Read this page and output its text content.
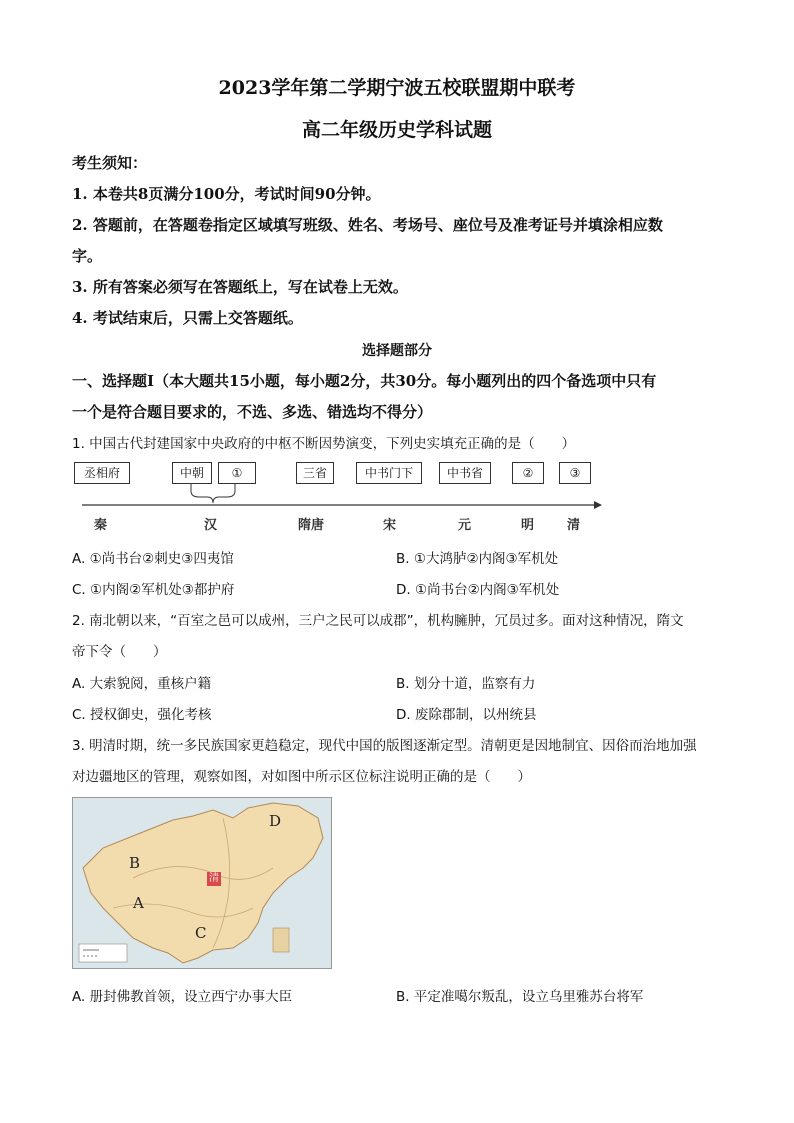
2023学年第二学期宁波五校联盟期中联考
高二年级历史学科试题
考生须知：
1. 本卷共8页满分100分，考试时间90分钟。
2. 答题前，在答题卷指定区域填写班级、姓名、考场号、座位号及准考证号并填涂相应数
字。
3. 所有答案必须写在答题纸上，写在试卷上无效。
4. 考试结束后，只需上交答题纸。
选择题部分
一、选择题Ⅰ（本大题共15小题，每小题2分，共30分。每小题列出的四个备选项中只有
一个是符合题目要求的，不选、多选、错选均不得分）
1. 中国古代封建国家中央政府的中枢不断因势演变，下列史实填充正确的是（　　）
丞相府	中朝	①	三省	中书门下	中书省	②	③
秦	汉	隋唐	宋	元	明	清
A. ①尚书台②刺史③四夷馆	B. ①大鸿胪②内阁③军机处
C. ①内阁②军机处③都护府	D. ①尚书台②内阁③军机处
2. 南北朝以来，“百室之邑可以成州，三户之民可以成郡”，机构臃肿，冗员过多。面对这种情况，隋文
帝下令（　　）
A. 大索貌阅，重核户籍	B. 划分十道，监察有力
C. 授权御史，强化考核	D. 废除郡制，以州统县
3. 明清时期，统一多民族国家更趋稳定，现代中国的版图逐渐定型。清朝更是因地制宜、因俗而治地加强
对边疆地区的管理，观察如图，对如图中所示区位标注说明正确的是（　　）
D
B
A
C
清
A. 册封佛教首领，设立西宁办事大臣	B. 平定准噶尔叛乱，设立乌里雅苏台将军
